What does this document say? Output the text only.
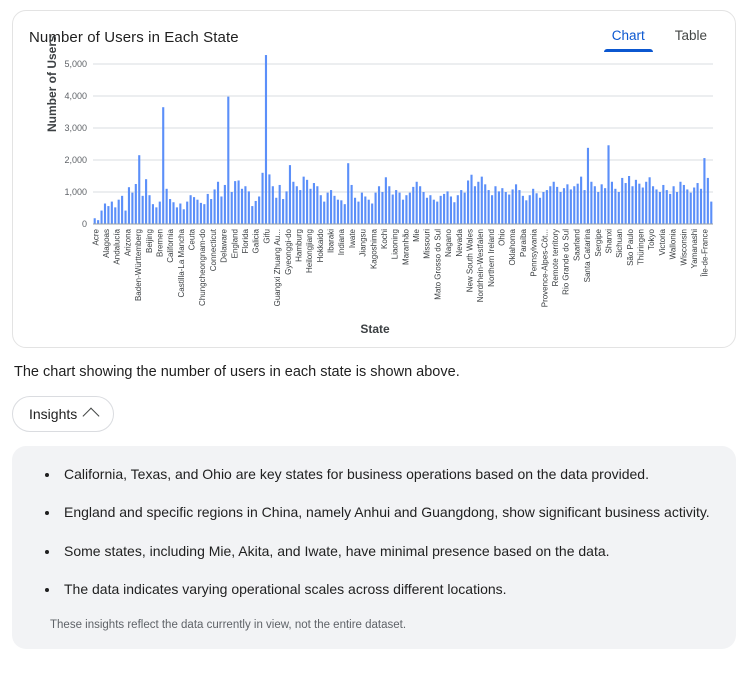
Number of Users in Each State	Chart Table
Number of Users
0
1,000
2,000
3,000
4,000
5,000
Acre Alagoas Andalucía Arizona Baden-Württemberg Beijing Bremen California Castilla-La Mancha Ceuta Chungcheongnam-do Connecticut Delaware England Florida Galicia Gifu Guangxi Zhuang Au... Gyeonggi-do Hamburg Heilongjiang Hokkaido Ibaraki Indiana Iwate Jiangsu Kagoshima Kochi Liaoning Maranhão Mie Missouri Mato Grosso do Sul Nagano Nevada New South Wales Nordrhein-Westfalen Northern Ireland Ohio Oklahoma Paraíba Pennsylvania Provence-Alpes-Côt... Remote territory Rio Grande do Sul Saarland Santa Catarina Sergipe Shanxi Sichuan São Paulo Thüringen Tokyo Victoria Wallonia Wisconsin Yamanashi Île-de-France
State
The chart showing the number of users in each state is shown above.
Insights
• California, Texas, and Ohio are key states for business operations based on the data provided.
• England and specific regions in China, namely Anhui and Guangdong, show significant business activity.
• Some states, including Mie, Akita, and Iwate, have minimal presence based on the data.
• The data indicates varying operational scales across different locations.
These insights reflect the data currently in view, not the entire dataset.
